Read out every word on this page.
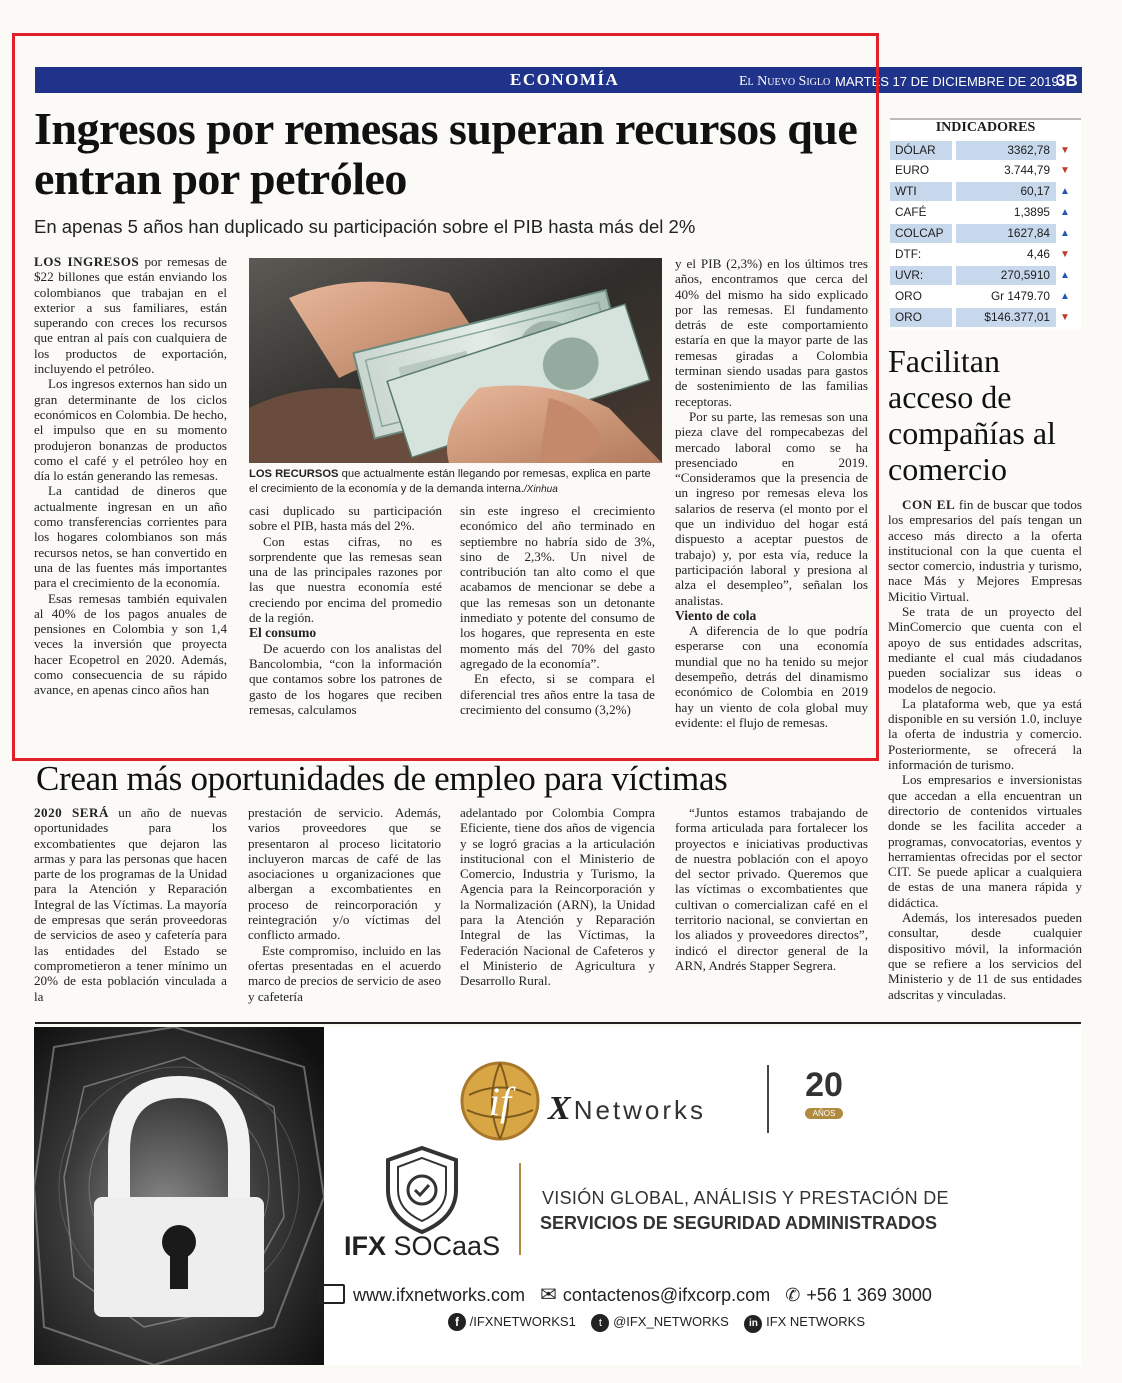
ECONOMÍA	El Nuevo Siglo MARTES 17 DE DICIEMBRE DE 2019
3B
Ingresos por remesas superan recursos que entran por petróleo
En apenas 5 años han duplicado su participación sobre el PIB hasta más del 2%

LOS INGRESOS por remesas de $22 billones que están enviando los colombianos que trabajan en el exterior a sus familiares, están superando con creces los recursos que entran al país con cualquiera de los productos de exportación, incluyendo el petróleo.

Los ingresos externos han sido un gran determinante de los ciclos económicos en Colombia. De hecho, el impulso que en su momento produjeron bonanzas de productos como el café y el petróleo hoy en día lo están generando las remesas.

La cantidad de dineros que actualmente ingresan en un año como transferencias corrientes para los hogares colombianos son más recursos netos, se han convertido en una de las fuentes más importantes para el crecimiento de la economía.

Esas remesas también equivalen al 40% de los pagos anuales de pensiones en Colombia y son 1,4 veces la inversión que proyecta hacer Ecopetrol en 2020. Además, como consecuencia de su rápido avance, en apenas cinco años han

LOS RECURSOS que actualmente están llegando por remesas, explica en parte el crecimiento de la economía y de la demanda interna./Xinhua

casi duplicado su participación sobre el PIB, hasta más del 2%.

Con estas cifras, no es sorprendente que las remesas sean una de las principales razones por las que nuestra economía esté creciendo por encima del promedio de la región.

El consumo

De acuerdo con los analistas del Bancolombia, “con la información que contamos sobre los patrones de gasto de los hogares que reciben remesas, calculamos

sin este ingreso el crecimiento económico del año terminado en septiembre no habría sido de 3%, sino de 2,3%. Un nivel de contribución tan alto como el que acabamos de mencionar se debe a que las remesas son un detonante inmediato y potente del consumo de los hogares, que representa en este momento más del 70% del gasto agregado de la economía”.

En efecto, si se compara el diferencial tres años entre la tasa de crecimiento del consumo (3,2%)

y el PIB (2,3%) en los últimos tres años, encontramos que cerca del 40% del mismo ha sido explicado por las remesas. El fundamento detrás de este comportamiento estaría en que la mayor parte de las remesas giradas a Colombia terminan siendo usadas para gastos de sostenimiento de las familias receptoras.

Por su parte, las remesas son una pieza clave del rompecabezas del mercado laboral como se ha presenciado en 2019. “Consideramos que la presencia de un ingreso por remesas eleva los salarios de reserva (el monto por el que un individuo del hogar está dispuesto a aceptar puestos de trabajo) y, por esta vía, reduce la participación laboral y presiona al alza el desempleo”, señalan los analistas.

Viento de cola

A diferencia de lo que podría esperarse con una economía mundial que no ha tenido su mejor desempeño, detrás del dinamismo económico de Colombia en 2019 hay un viento de cola global muy evidente: el flujo de remesas.

INDICADORES
DÓLAR	3362,78	▼
EURO	3.744,79	▼
WTI	60,17	▲
CAFÉ	1,3895	▲
COLCAP	1627,84	▲
DTF:	4,46	▼
UVR:	270,5910	▲
ORO	Gr 1479.70	▲
ORO	$146.377,01	▼
Facilitan acceso de compañías al comercio

CON EL fin de buscar que todos los empresarios del país tengan un acceso más directo a la oferta institucional con la que cuenta el sector comercio, industria y turismo, nace Más y Mejores Empresas Micitio Virtual.

Se trata de un proyecto del MinComercio que cuenta con el apoyo de sus entidades adscritas, mediante el cual más ciudadanos pueden socializar sus ideas o modelos de negocio.

La plataforma web, que ya está disponible en su versión 1.0, incluye la oferta de industria y comercio. Posteriormente, se ofrecerá la información de turismo.

Los empresarios e inversionistas que accedan a ella encuentran un directorio de contenidos virtuales donde se les facilita acceder a programas, convocatorias, eventos y herramientas ofrecidas por el sector CIT. Se puede aplicar a cualquiera de estas de una manera rápida y didáctica.

Además, los interesados pueden consultar, desde cualquier dispositivo móvil, la información que se refiere a los servicios del Ministerio y de 11 de sus entidades adscritas y vinculadas.

Crean más oportunidades de empleo para víctimas

2020 SERÁ un año de nuevas oportunidades para los excombatientes que dejaron las armas y para las personas que hacen parte de los programas de la Unidad para la Atención y Reparación Integral de las Víctimas. La mayoría de empresas que serán proveedoras de servicios de aseo y cafetería para las entidades del Estado se comprometieron a tener mínimo un 20% de esta población vinculada a la

prestación de servicio. Además, varios proveedores que se presentaron al proceso licitatorio incluyeron marcas de café de las asociaciones u organizaciones que albergan a excombatientes en proceso de reincorporación y reintegración y/o víctimas del conflicto armado.

Este compromiso, incluido en las ofertas presentadas en el acuerdo marco de precios de servicio de aseo y cafetería

adelantado por Colombia Compra Eficiente, tiene dos años de vigencia y se logró gracias a la articulación institucional con el Ministerio de Comercio, Industria y Turismo, la Agencia para la Reincorporación y la Normalización (ARN), la Unidad para la Atención y Reparación Integral de las Víctimas, la Federación Nacional de Cafeteros y el Ministerio de Agricultura y Desarrollo Rural.

“Juntos estamos trabajando de forma articulada para fortalecer los proyectos e iniciativas productivas de nuestra población con el apoyo del sector privado. Queremos que las víctimas o excombatientes que cultivan o comercializan café en el territorio nacional, se conviertan en los aliados y proveedores directos”, indicó el director general de la ARN, Andrés Stapper Segrera.

if XNetworks
20
AÑOS
IFX SOCaaS
VISIÓN GLOBAL, ANÁLISIS Y PRESTACIÓN DE
SERVICIOS DE SEGURIDAD ADMINISTRADOS
www.ifxnetworks.com ✉ contactenos@ifxcorp.com ✆ +56 1 369 3000
f /IFXNETWORKS1 t @IFX_NETWORKS in IFX NETWORKS
